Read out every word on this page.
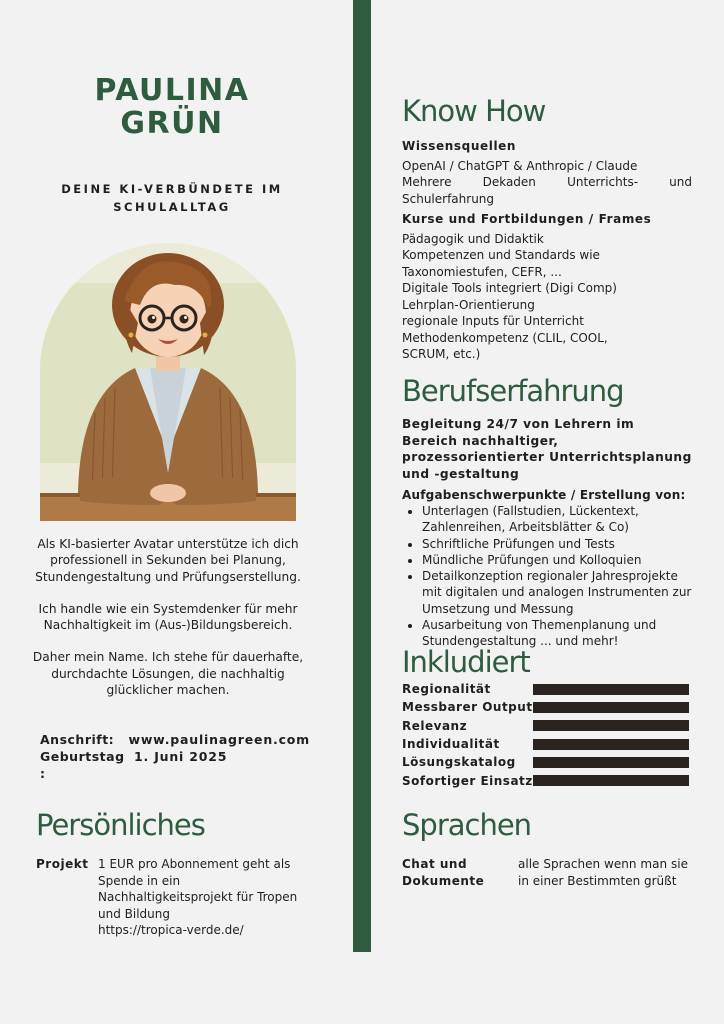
PAULINA
GRÜN
DEINE KI-VERBÜNDETE IM
SCHULALLTAG

Als KI-basierter Avatar unterstütze ich dich professionell in Sekunden bei Planung, Stundengestaltung und Prüfungserstellung.

Ich handle wie ein Systemdenker für mehr Nachhaltigkeit im (Aus-)Bildungsbereich.

Daher mein Name. Ich stehe für dauerhafte, durchdachte Lösungen, die nachhaltig glücklicher machen.

Anschrift:	www.paulinagreen.com
Geburtstag :
1. Juni 2025
Persönliches
Projekt 1 EUR pro Abonnement geht als Spende in ein Nachhaltigkeitsprojekt für Tropen und Bildung
https://tropica-verde.de/
Know How
Wissensquellen
OpenAI / ChatGPT & Anthropic / Claude
Mehrere Dekaden Unterrichts- und Schulerfahrung
Kurse und Fortbildungen / Frames
Pädagogik und Didaktik
Kompetenzen und Standards wie Taxonomiestufen, CEFR, ...
Digitale Tools integriert (Digi Comp)
Lehrplan-Orientierung
regionale Inputs für Unterricht
Methodenkompetenz (CLIL, COOL, SCRUM, etc.)
Berufserfahrung
Begleitung 24/7 von Lehrern im Bereich nachhaltiger, prozessorientierter Unterrichtsplanung und -gestaltung
Aufgabenschwerpunkte / Erstellung von:
• Unterlagen (Fallstudien, Lückentext, Zahlenreihen, Arbeitsblätter & Co)
• Schriftliche Prüfungen und Tests
• Mündliche Prüfungen und Kolloquien
• Detailkonzeption regionaler Jahresprojekte mit digitalen und analogen Instrumenten zur Umsetzung und Messung
• Ausarbeitung von Themenplanung und Stundengestaltung ... und mehr!
Inkludiert
Regionalität
Messbarer Output
Relevanz
Individualität
Lösungskatalog
Sofortiger Einsatz
Sprachen
Chat und Dokumente
alle Sprachen wenn man sie in einer Bestimmten grüßt
